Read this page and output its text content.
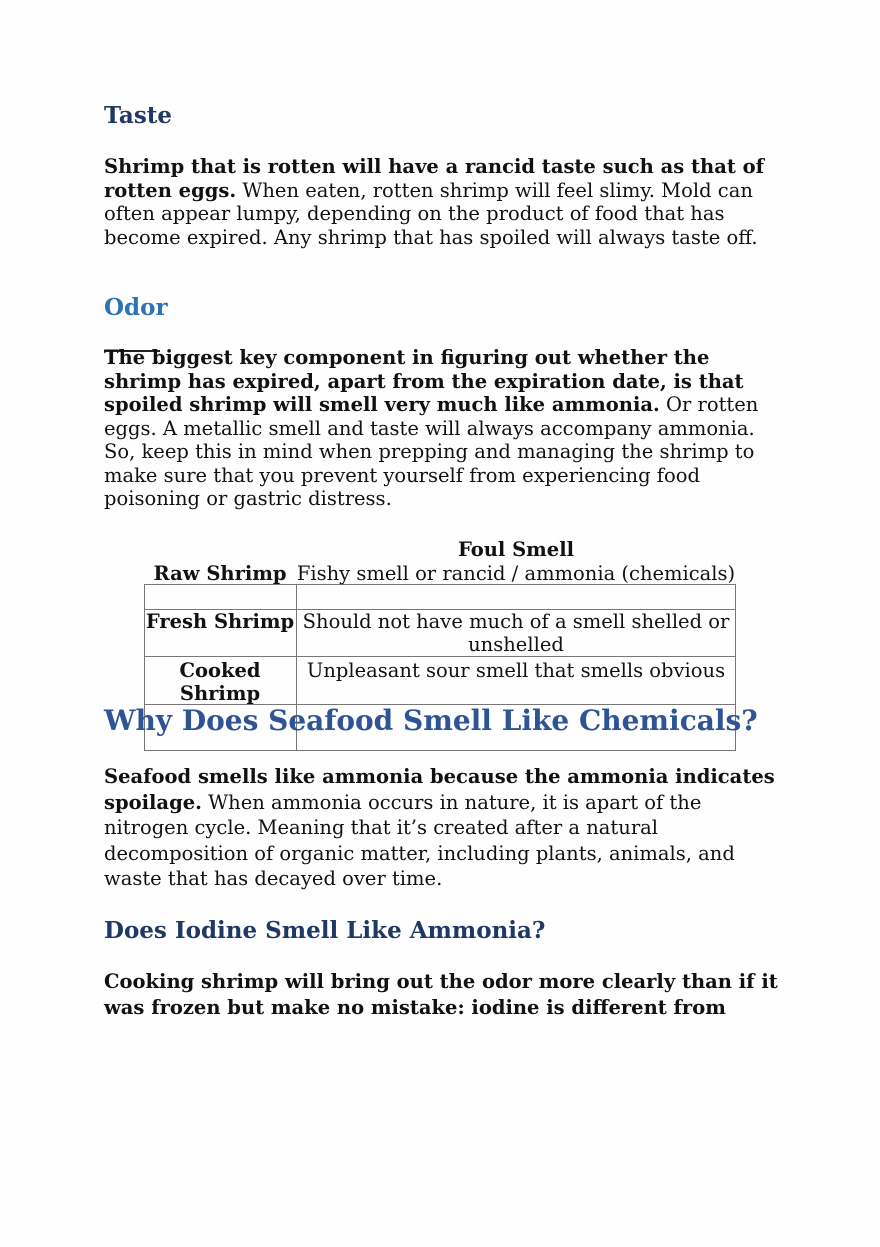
Taste

Shrimp that is rotten will have a rancid taste such as that of rotten eggs. When eaten, rotten shrimp will feel slimy. Mold can often appear lumpy, depending on the product of food that has become expired. Any shrimp that has spoiled will always taste off.

Odor

The biggest key component in figuring out whether the shrimp has expired, apart from the expiration date, is that spoiled shrimp will smell very much like ammonia. Or rotten eggs. A metallic smell and taste will always accompany ammonia. So, keep this in mind when prepping and managing the shrimp to make sure that you prevent yourself from experiencing food poisoning or gastric distress.

Foul Smell
Raw Shrimp Fishy smell or rancid / ammonia (chemicals)
Fresh Shrimp Should not have much of a smell shelled or unshelled
Cooked Shrimp
Unpleasant sour smell that smells obvious
Why Does Seafood Smell Like Chemicals?

Seafood smells like ammonia because the ammonia indicates spoilage. When ammonia occurs in nature, it is apart of the nitrogen cycle. Meaning that it’s created after a natural decomposition of organic matter, including plants, animals, and waste that has decayed over time.

Does Iodine Smell Like Ammonia?

Cooking shrimp will bring out the odor more clearly than if it was frozen but make no mistake: iodine is different from
